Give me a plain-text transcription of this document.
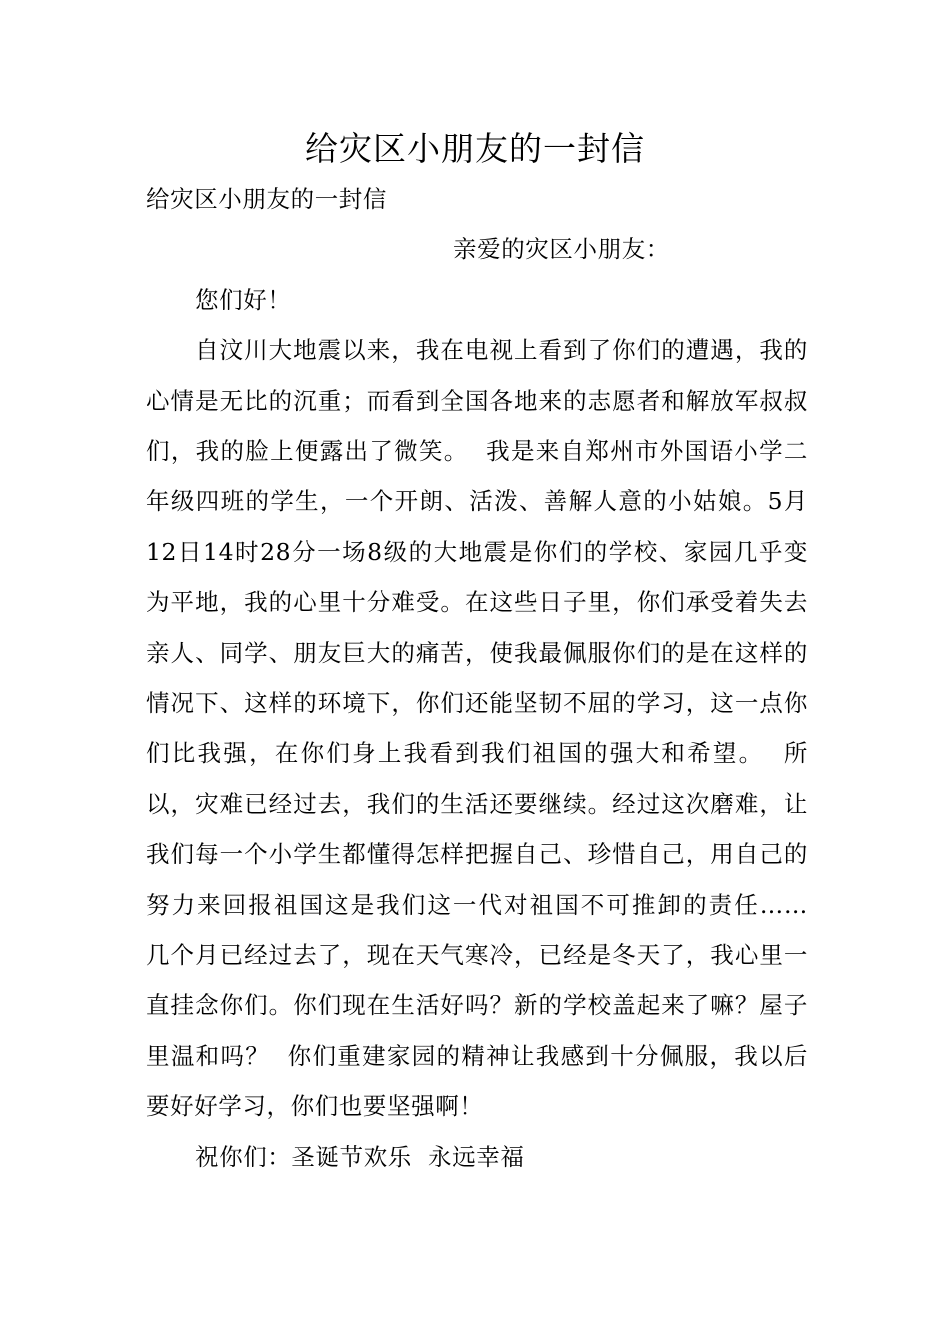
给灾区小朋友的一封信

给灾区小朋友的一封信

亲爱的灾区小朋友：

您们好！

自汶川大地震以来，我在电视上看到了你们的遭遇，我的心情是无比的沉重；而看到全国各地来的志愿者和解放军叔叔们，我的脸上便露出了微笑。  我是来自郑州市外国语小学二年级四班的学生，一个开朗、活泼、善解人意的小姑娘。5月12日14时28分一场8级的大地震是你们的学校、家园几乎变为平地，我的心里十分难受。在这些日子里，你们承受着失去亲人、同学、朋友巨大的痛苦，使我最佩服你们的是在这样的情况下、这样的环境下，你们还能坚韧不屈的学习，这一点你们比我强，在你们身上我看到我们祖国的强大和希望。  所以，灾难已经过去，我们的生活还要继续。经过这次磨难，让我们每一个小学生都懂得怎样把握自己、珍惜自己，用自己的努力来回报祖国这是我们这一代对祖国不可推卸的责任……  几个月已经过去了，现在天气寒冷，已经是冬天了，我心里一直挂念你们。你们现在生活好吗？新的学校盖起来了嘛？屋子里温和吗？  你们重建家园的精神让我感到十分佩服，我以后要好好学习，你们也要坚强啊！

祝你们：圣诞节欢乐  永远幸福
